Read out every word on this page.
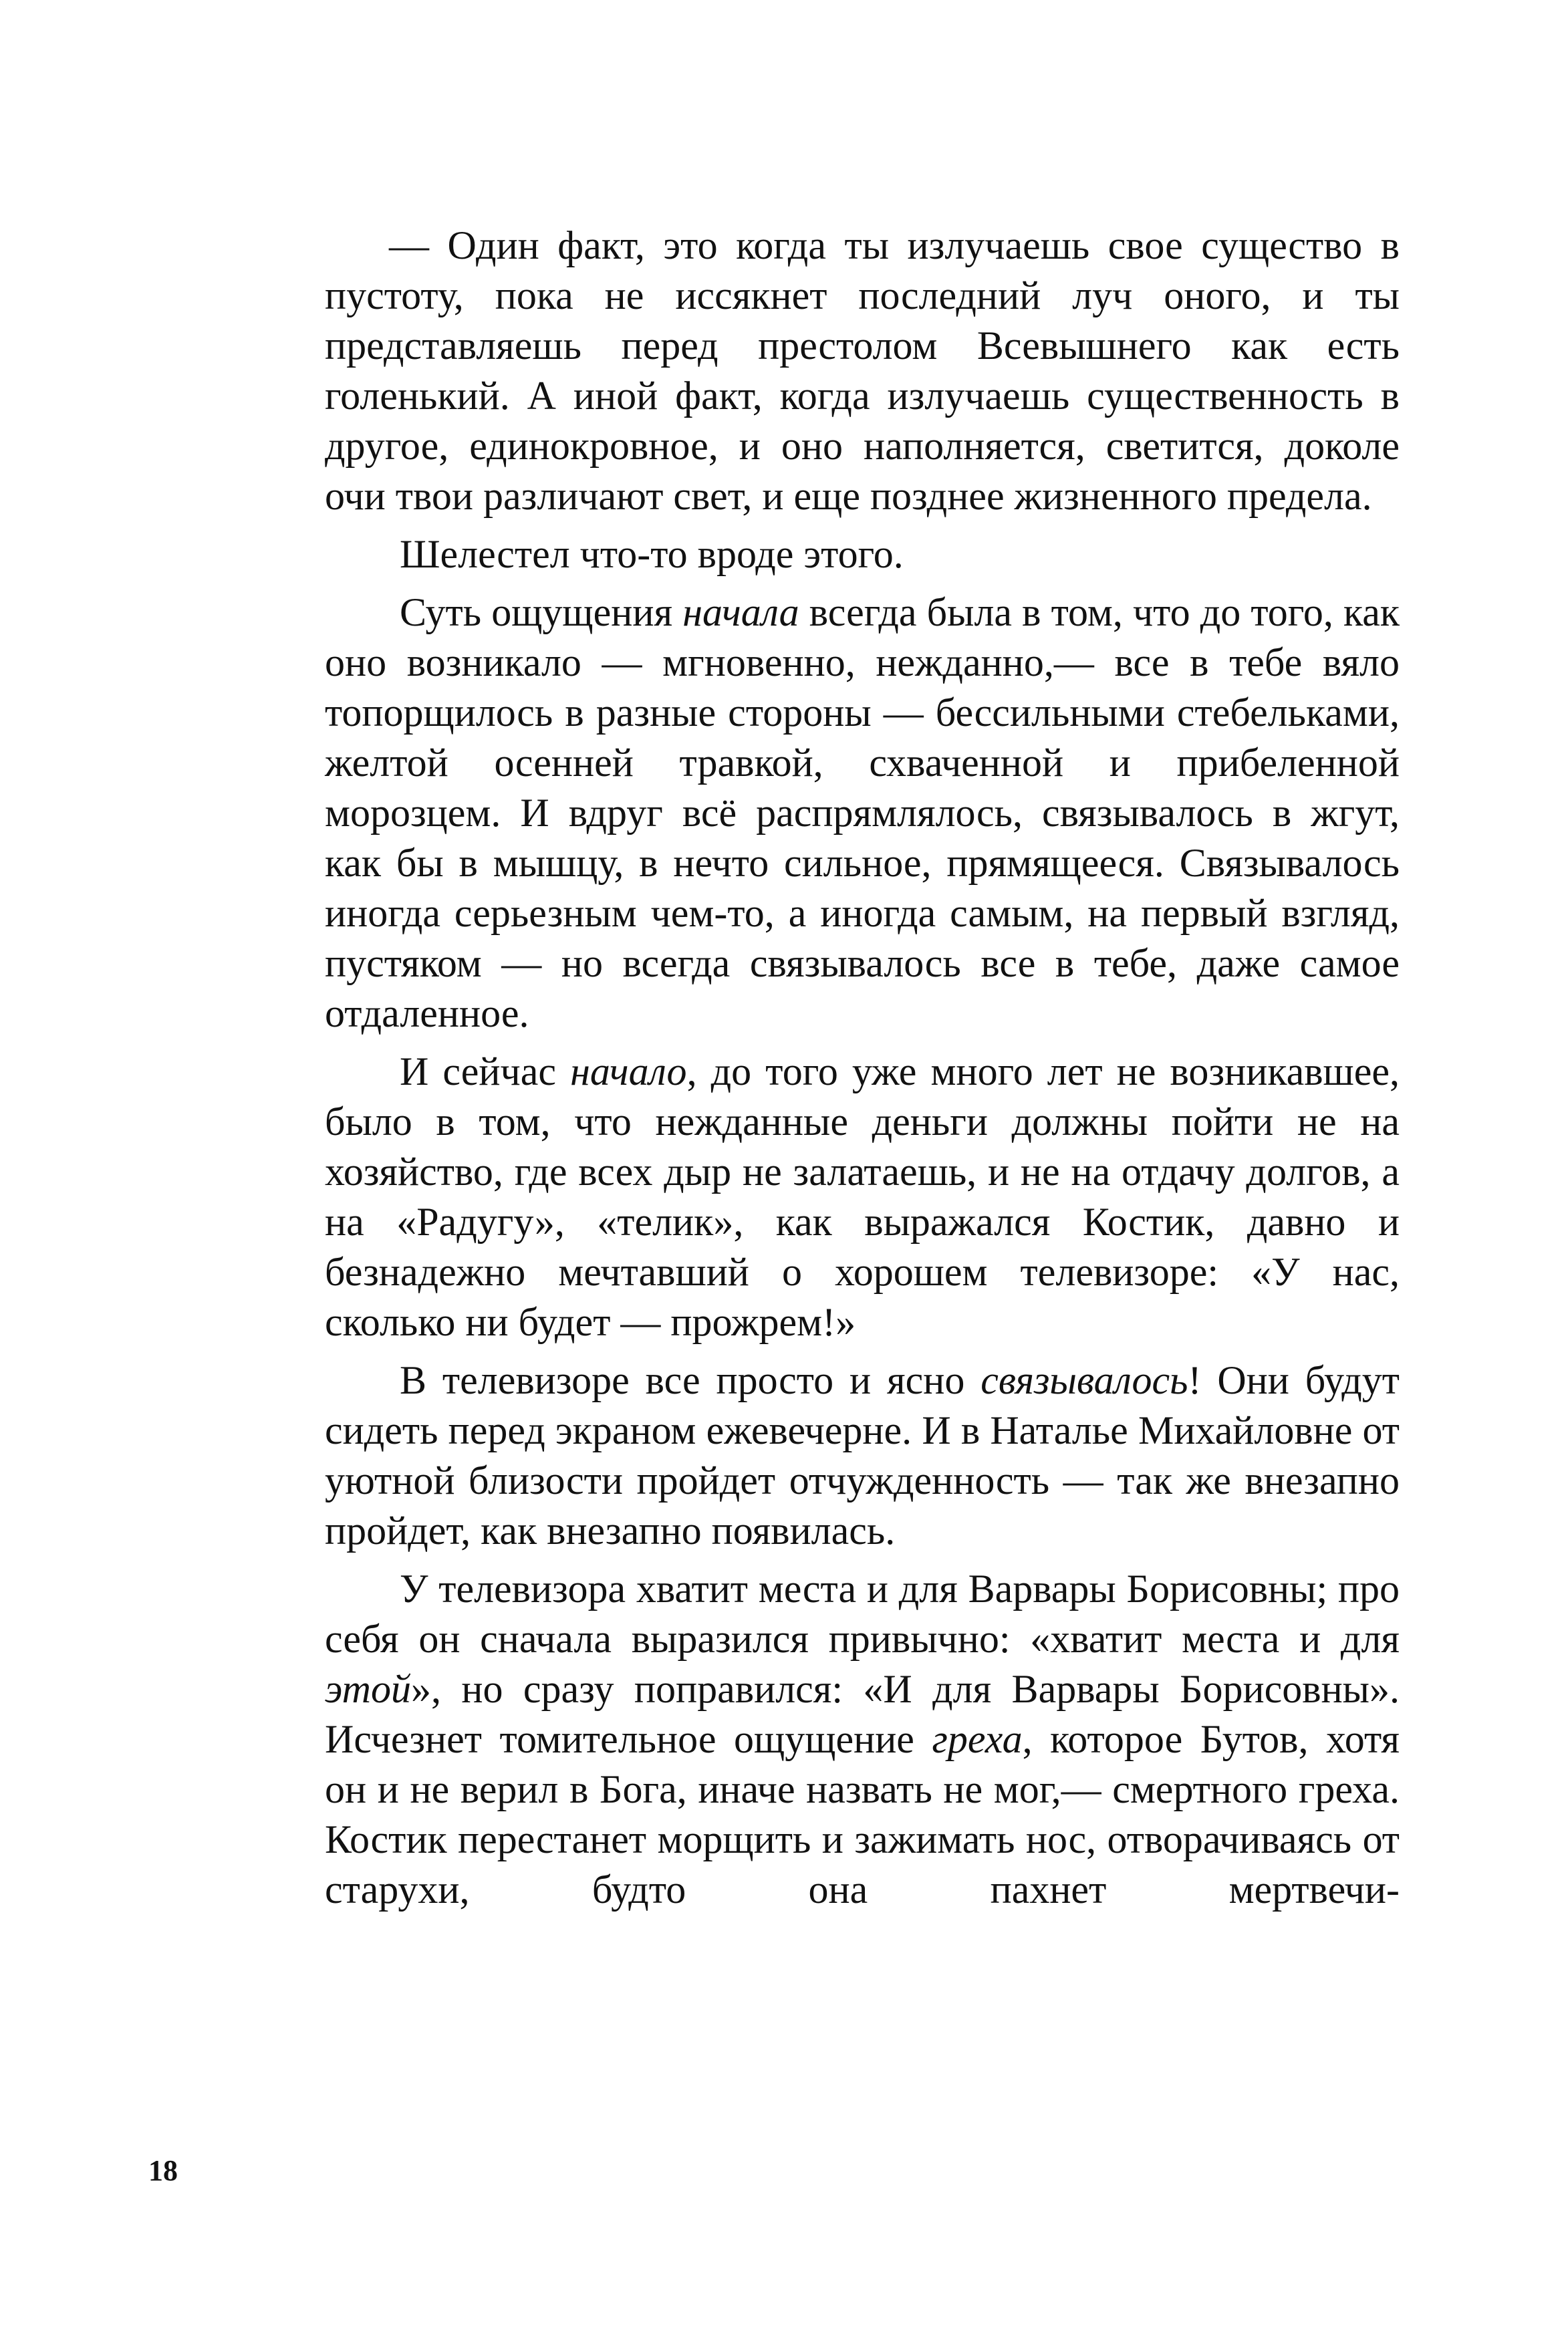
— Один факт, это когда ты излучаешь свое существо в пустоту, пока не иссякнет последний луч оного, и ты представляешь перед престолом Всевышнего как есть голенький. А иной факт, когда излучаешь существенность в другое, единокровное, и оно наполняется, светится, доколе очи твои различают свет, и еще позднее жизненного предела.

Шелестел что-то вроде этого.

Суть ощущения начала всегда была в том, что до того, как оно возникало — мгновенно, нежданно,— все в тебе вяло топорщилось в разные стороны — бессильными стебельками, желтой осенней травкой, схваченной и прибеленной морозцем. И вдруг всё распрямлялось, связывалось в жгут, как бы в мышцу, в нечто сильное, прямящееся. Связывалось иногда серьезным чем-то, а иногда самым, на первый взгляд, пустяком — но всегда связывалось все в тебе, даже самое отдаленное.

И сейчас начало, до того уже много лет не возникавшее, было в том, что нежданные деньги должны пойти не на хозяйство, где всех дыр не залатаешь, и не на отдачу долгов, а на «Радугу», «телик», как выражался Костик, давно и безнадежно мечтавший о хорошем телевизоре: «У нас, сколько ни будет — прожрем!»

В телевизоре все просто и ясно связывалось! Они будут сидеть перед экраном ежевечерне. И в Наталье Михайловне от уютной близости пройдет отчужденность — так же внезапно пройдет, как внезапно появилась.

У телевизора хватит места и для Варвары Борисовны; про себя он сначала выразился привычно: «хватит места и для этой», но сразу поправился: «И для Варвары Борисовны». Исчезнет томительное ощущение греха, которое Бутов, хотя он и не верил в Бога, иначе назвать не мог,— смертного греха. Костик перестанет морщить и зажимать нос, отворачиваясь от старухи, будто она пахнет мертвечи-

18
